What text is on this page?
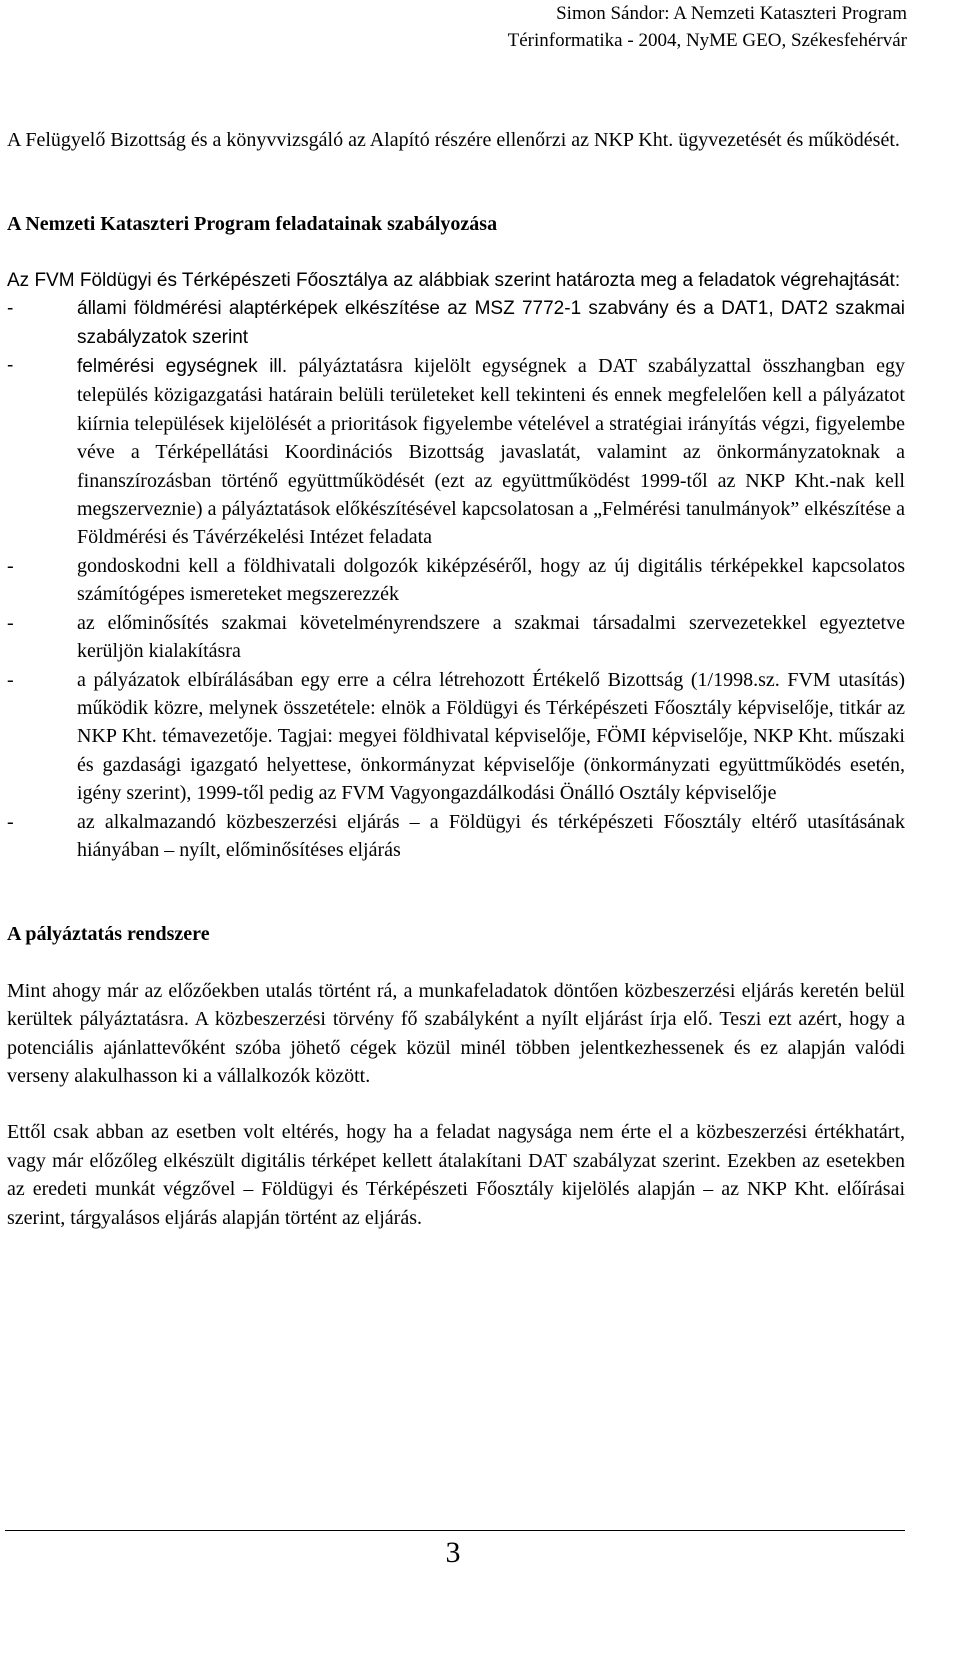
Simon Sándor: A Nemzeti Kataszteri Program
Térinformatika - 2004, NyME GEO, Székesfehérvár

A Felügyelő Bizottság és a könyvvizsgáló az Alapító részére ellenőrzi az NKP Kht. ügyvezetését és működését.

A Nemzeti Kataszteri Program feladatainak szabályozása

Az FVM Földügyi és Térképészeti Főosztálya az alábbiak szerint határozta meg a feladatok végrehajtását:

-	állami földmérési alaptérképek elkészítése az MSZ 7772-1 szabvány és a DAT1, DAT2 szakmai szabályzatok szerint
-	felmérési egységnek ill. pályáztatásra kijelölt egységnek a DAT szabályzattal összhangban egy település közigazgatási határain belüli területeket kell tekinteni és ennek megfelelően kell a pályázatot kiírnia települések kijelölését a prioritások figyelembe vételével a stratégiai irányítás végzi, figyelembe véve a Térképellátási Koordinációs Bizottság javaslatát, valamint az önkormányzatoknak a finanszírozásban történő együttműködését (ezt az együttműködést 1999-től az NKP Kht.-nak kell megszerveznie) a pályáztatások előkészítésével kapcsolatosan a „Felmérési tanulmányok” elkészítése a Földmérési és Távérzékelési Intézet feladata
-	gondoskodni kell a földhivatali dolgozók kiképzéséről, hogy az új digitális térképekkel kapcsolatos számítógépes ismereteket megszerezzék
-	az előminősítés szakmai követelményrendszere a szakmai társadalmi szervezetekkel egyeztetve kerüljön kialakításra
-	a pályázatok elbírálásában egy erre a célra létrehozott Értékelő Bizottság (1/1998.sz. FVM utasítás) működik közre, melynek összetétele: elnök a Földügyi és Térképészeti Főosztály képviselője, titkár az NKP Kht. témavezetője. Tagjai: megyei földhivatal képviselője, FÖMI képviselője, NKP Kht. műszaki és gazdasági igazgató helyettese, önkormányzat képviselője (önkormányzati együttműködés esetén, igény szerint), 1999-től pedig az FVM Vagyongazdálkodási Önálló Osztály képviselője
-	az alkalmazandó közbeszerzési eljárás – a Földügyi és térképészeti Főosztály eltérő utasításának hiányában – nyílt, előminősítéses eljárás

A pályáztatás rendszere

Mint ahogy már az előzőekben utalás történt rá, a munkafeladatok döntően közbeszerzési eljárás keretén belül kerültek pályáztatásra. A közbeszerzési törvény fő szabályként a nyílt eljárást írja elő. Teszi ezt azért, hogy a potenciális ajánlattevőként szóba jöhető cégek közül minél többen jelentkezhessenek és ez alapján valódi verseny alakulhasson ki a vállalkozók között.

Ettől csak abban az esetben volt eltérés, hogy ha a feladat nagysága nem érte el a közbeszerzési értékhatárt, vagy már előzőleg elkészült digitális térképet kellett átalakítani DAT szabályzat szerint. Ezekben az esetekben az eredeti munkát végzővel – Földügyi és Térképészeti Főosztály kijelölés alapján – az NKP Kht. előírásai szerint, tárgyalásos eljárás alapján történt az eljárás.

3
